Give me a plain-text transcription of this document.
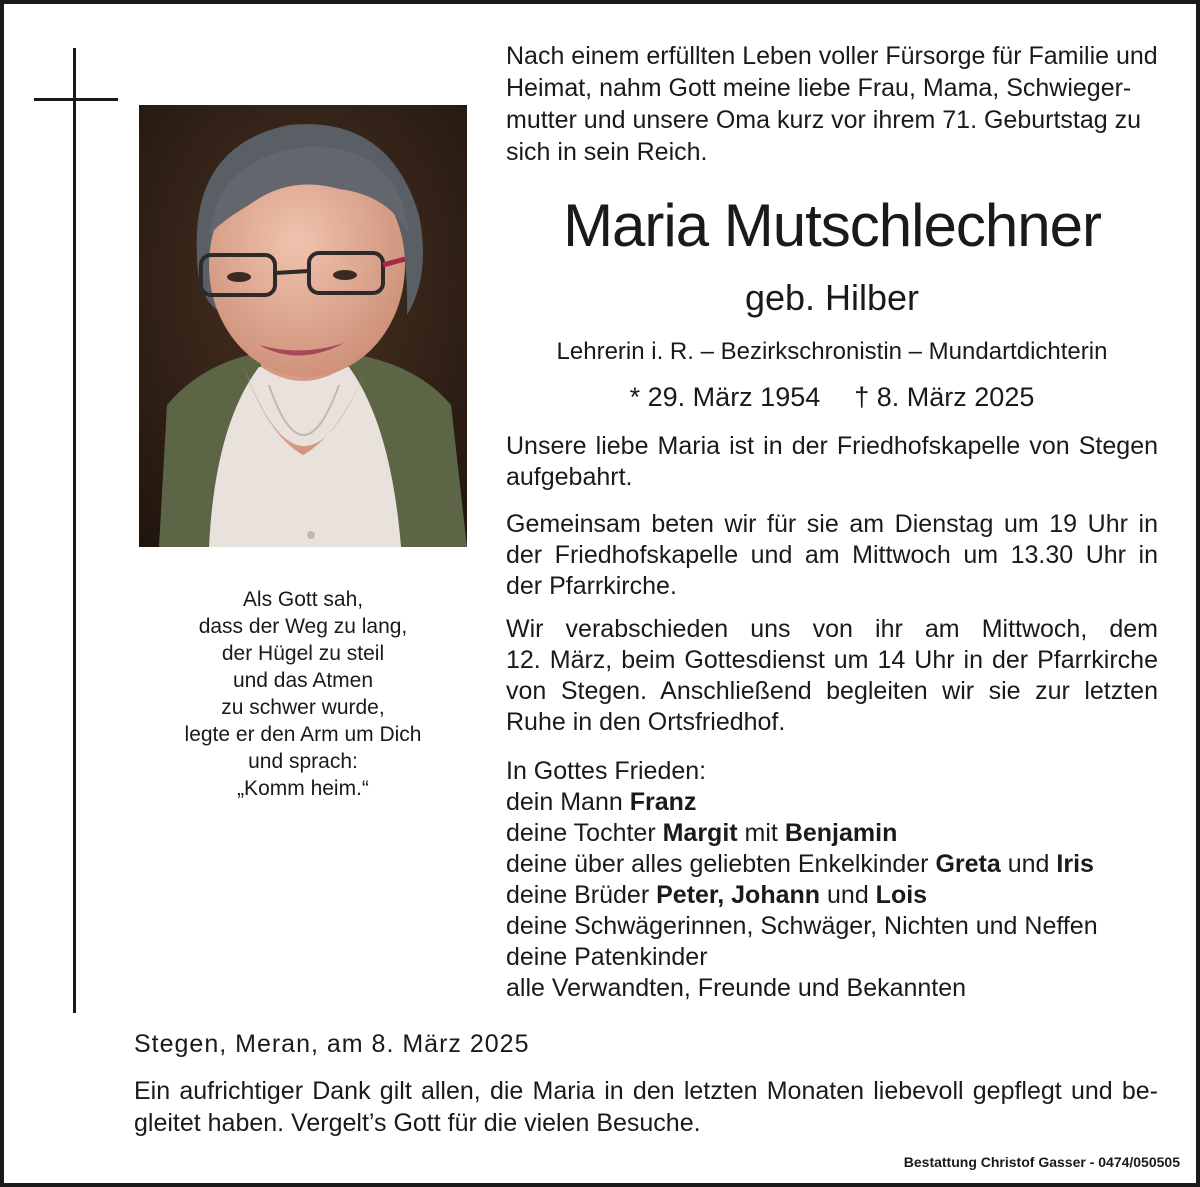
Als Gott sah,
dass der Weg zu lang,
der Hügel zu steil
und das Atmen
zu schwer wurde,
legte er den Arm um Dich
und sprach:
„Komm heim.“
Nach einem erfüllten Leben voller Fürsorge für Familie und
Heimat, nahm Gott meine liebe Frau, Mama, Schwieger-
mutter und unsere Oma kurz vor ihrem 71. Geburtstag zu
sich in sein Reich.
Maria Mutschlechner
geb. Hilber
Lehrerin i. R. – Bezirkschronistin – Mundartdichterin
* 29. März 1954 † 8. März 2025
Unsere liebe Maria ist in der Friedhofskapelle von Stegen
aufgebahrt.
Gemeinsam beten wir für sie am Dienstag um 19 Uhr in
der Friedhofskapelle und am Mittwoch um 13.30 Uhr in
der Pfarrkirche.
Wir verabschieden uns von ihr am Mittwoch, dem
12. März, beim Gottesdienst um 14 Uhr in der Pfarrkirche
von Stegen. Anschließend begleiten wir sie zur letzten
Ruhe in den Ortsfriedhof.
In Gottes Frieden:
dein Mann Franz
deine Tochter Margit mit Benjamin
deine über alles geliebten Enkelkinder Greta und Iris
deine Brüder Peter, Johann und Lois
deine Schwägerinnen, Schwäger, Nichten und Neffen
deine Patenkinder
alle Verwandten, Freunde und Bekannten
Stegen, Meran, am 8. März 2025
Ein aufrichtiger Dank gilt allen, die Maria in den letzten Monaten liebevoll gepflegt und be-
gleitet haben. Vergelt’s Gott für die vielen Besuche.
Bestattung Christof Gasser - 0474/050505
